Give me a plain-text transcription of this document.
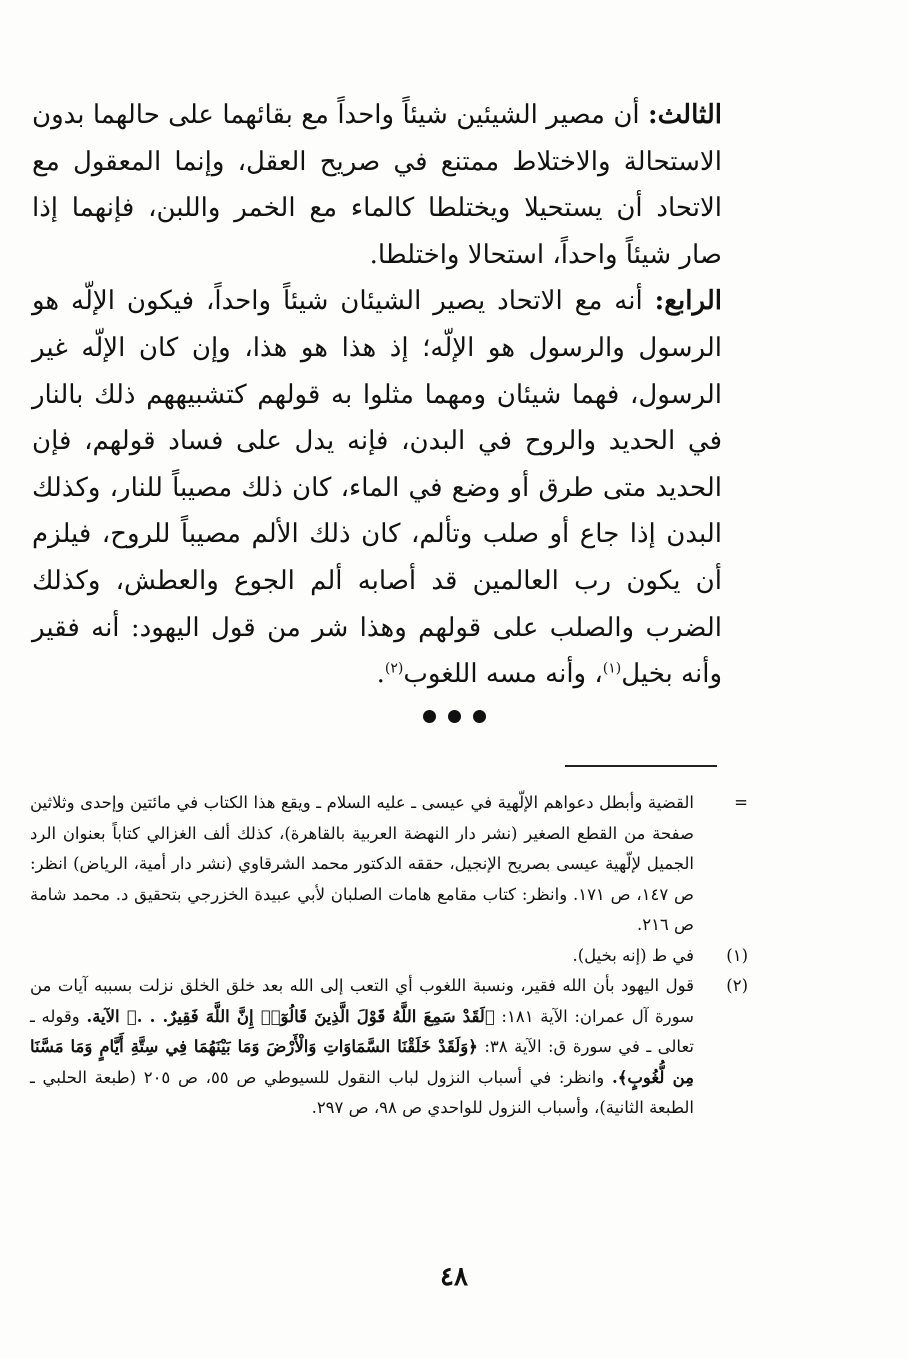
الثالث: أن مصير الشيئين شيئاً واحداً مع بقائهما على حالهما بدون الاستحالة والاختلاط ممتنع في صريح العقل، وإنما المعقول مع الاتحاد أن يستحيلا ويختلطا كالماء مع الخمر واللبن، فإنهما إذا صار شيئاً واحداً، استحالا واختلطا.

الرابع: أنه مع الاتحاد يصير الشيئان شيئاً واحداً، فيكون الإلّه هو الرسول والرسول هو الإلّه؛ إذ هذا هو هذا، وإن كان الإلّه غير الرسول، فهما شيئان ومهما مثلوا به قولهم كتشبيههم ذلك بالنار في الحديد والروح في البدن، فإنه يدل على فساد قولهم، فإن الحديد متى طرق أو وضع في الماء، كان ذلك مصيباً للنار، وكذلك البدن إذا جاع أو صلب وتألم، كان ذلك الألم مصيباً للروح، فيلزم أن يكون رب العالمين قد أصابه ألم الجوع والعطش، وكذلك الضرب والصلب على قولهم وهذا شر من قول اليهود: أنه فقير وأنه بخيل$^{(١)}$، وأنه مسه اللغوب$^{(٢)}$.

=
القضية وأبطل دعواهم الإلّهية في عيسى ـ عليه السلام ـ ويقع هذا الكتاب في مائتين وإحدى وثلاثين صفحة من القطع الصغير (نشر دار النهضة العربية بالقاهرة)، كذلك ألف الغزالي كتاباً بعنوان الرد الجميل لإلّهية عيسى بصريح الإنجيل، حققه الدكتور محمد الشرقاوي (نشر دار أمية، الرياض) انظر: ص ١٤٧، ص ١٧١. وانظر: كتاب مقامع هامات الصلبان لأبي عبيدة الخزرجي بتحقيق د. محمد شامة ص ٢١٦.
(١)
في ط (إنه بخيل).
(٢)
قول اليهود بأن الله فقير، ونسبة اللغوب أي التعب إلى الله بعد خلق الخلق نزلت بسببه آيات من سورة آل عمران: الآية ١٨١: ﴿لَقَدْ سَمِعَ اللَّهُ قَوْلَ الَّذِينَ قَالُوٓا۟ إِنَّ اللَّهَ فَقِيرٌ. . .﴾ الآية. وقوله ـ تعالى ـ في سورة ق: الآية ٣٨: ﴿وَلَقَدْ خَلَقْنَا السَّمَاوَاتِ وَالْأَرْضَ وَمَا بَيْنَهُمَا فِي سِتَّةِ أَيَّامٍ وَمَا مَسَّنَا مِن لُّغُوبٍ﴾. وانظر: في أسباب النزول لباب النقول للسيوطي ص ٥٥، ص ٢٠٥ (طبعة الحلبي ـ الطبعة الثانية)، وأسباب النزول للواحدي ص ٩٨، ص ٢٩٧.
٤٨
